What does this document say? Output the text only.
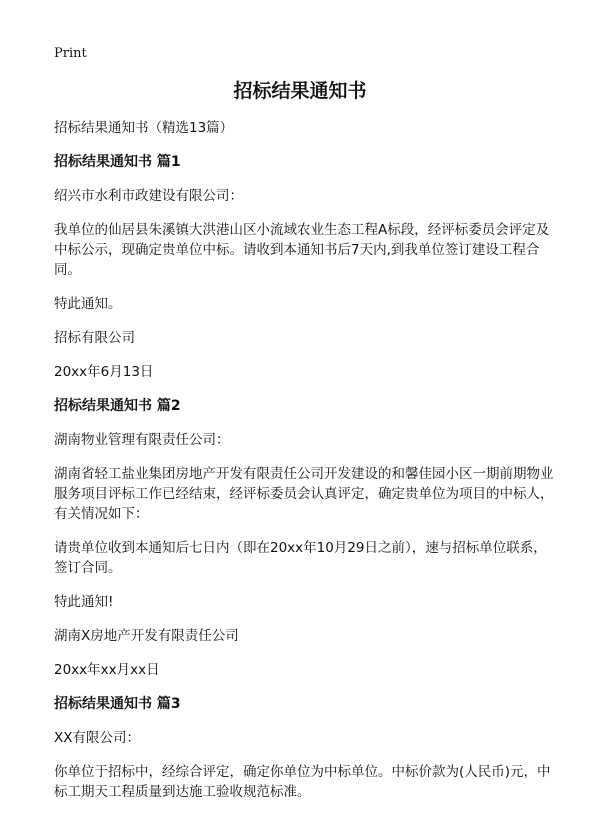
Print
招标结果通知书

招标结果通知书（精选13篇）

招标结果通知书 篇1

绍兴市水利市政建设有限公司：

我单位的仙居县朱溪镇大洪港山区小流域农业生态工程A标段，经评标委员会评定及中标公示，现确定贵单位中标。请收到本通知书后7天内,到我单位签订建设工程合同。

特此通知。

招标有限公司

20xx年6月13日

招标结果通知书 篇2

湖南物业管理有限责任公司：

湖南省轻工盐业集团房地产开发有限责任公司开发建设的和馨佳园小区一期前期物业服务项目评标工作已经结束，经评标委员会认真评定，确定贵单位为项目的中标人，有关情况如下：

请贵单位收到本通知后七日内（即在20xx年10月29日之前），速与招标单位联系，签订合同。

特此通知!

湖南X房地产开发有限责任公司

20xx年xx月xx日

招标结果通知书 篇3

XX有限公司：

你单位于招标中，经综合评定，确定你单位为中标单位。中标价款为(人民币)元，中标工期天工程质量到达施工验收规范标准。
